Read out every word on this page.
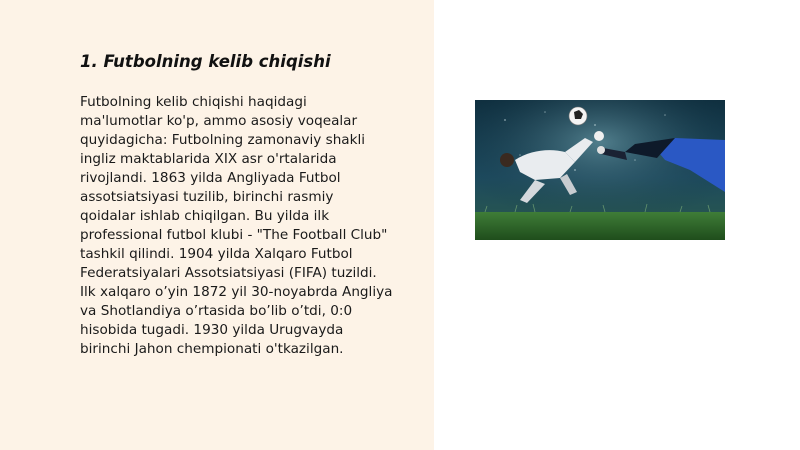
1. Futbolning kelib chiqishi

Futbolning kelib chiqishi haqidagi
ma'lumotlar ko'p, ammo asosiy voqealar
quyidagicha: Futbolning zamonaviy shakli
ingliz maktablarida XIX asr o'rtalarida
rivojlandi. 1863 yilda Angliyada Futbol
assotsiatsiyasi tuzilib, birinchi rasmiy
qoidalar ishlab chiqilgan. Bu yilda ilk
professional futbol klubi - "The Football Club"
tashkil qilindi. 1904 yilda Xalqaro Futbol
Federatsiyalari Assotsiatsiyasi (FIFA) tuzildi.
Ilk xalqaro o’yin 1872 yil 30-noyabrda Angliya
va Shotlandiya o’rtasida bo’lib o’tdi, 0:0
hisobida tugadi. 1930 yilda Urugvayda
birinchi Jahon chempionati o'tkazilgan.
